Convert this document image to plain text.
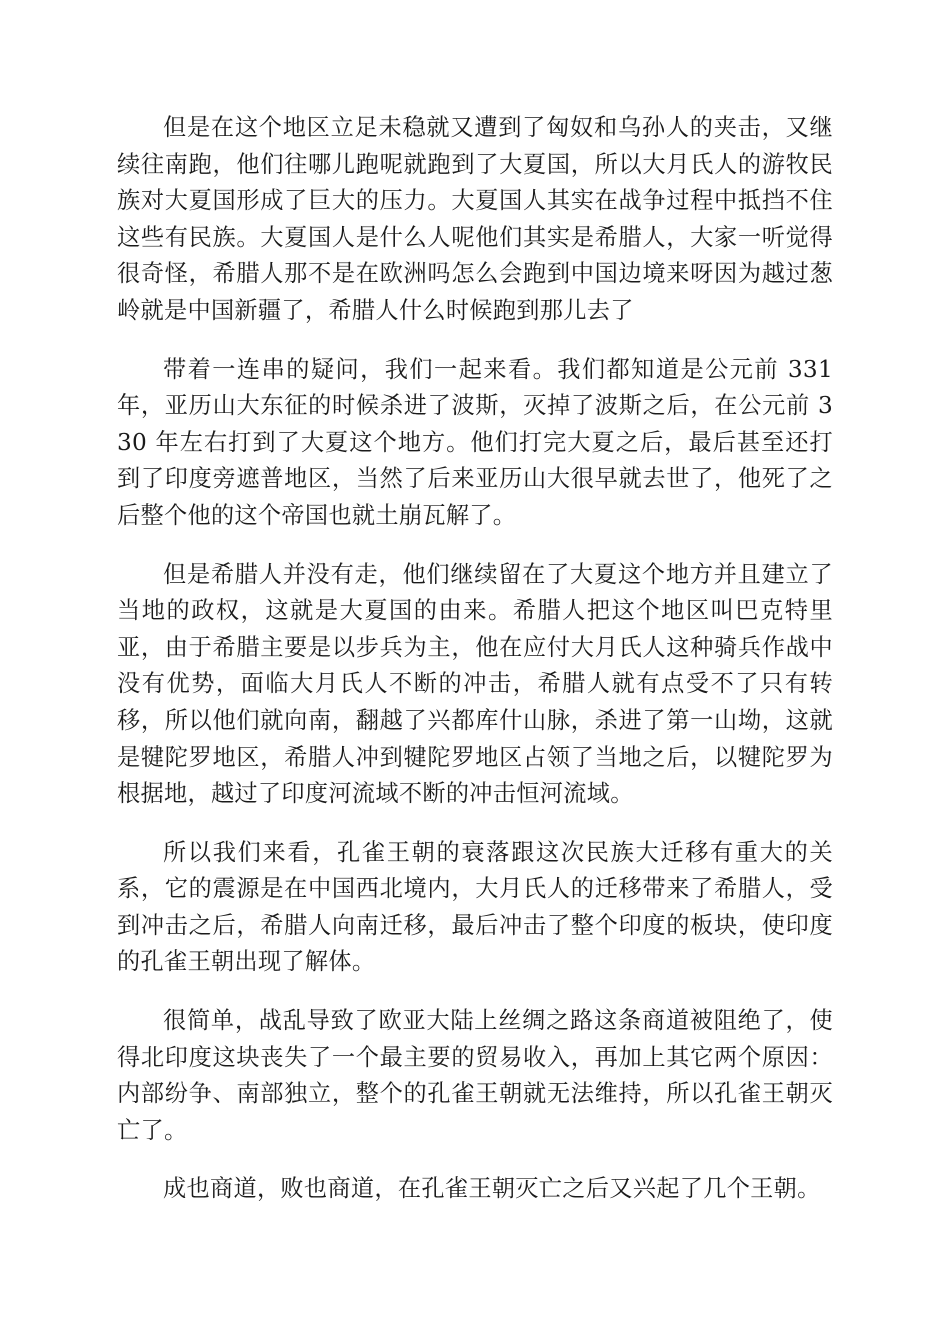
但是在这个地区立足未稳就又遭到了匈奴和乌孙人的夹击，又继续往南跑，他们往哪儿跑呢就跑到了大夏国，所以大月氏人的游牧民族对大夏国形成了巨大的压力。大夏国人其实在战争过程中抵挡不住这些有民族。大夏国人是什么人呢他们其实是希腊人，大家一听觉得很奇怪，希腊人那不是在欧洲吗怎么会跑到中国边境来呀因为越过葱岭就是中国新疆了，希腊人什么时候跑到那儿去了

带着一连串的疑问，我们一起来看。我们都知道是公元前 331 年，亚历山大东征的时候杀进了波斯，灭掉了波斯之后，在公元前 330 年左右打到了大夏这个地方。他们打完大夏之后，最后甚至还打到了印度旁遮普地区，当然了后来亚历山大很早就去世了，他死了之后整个他的这个帝国也就土崩瓦解了。

但是希腊人并没有走，他们继续留在了大夏这个地方并且建立了当地的政权，这就是大夏国的由来。希腊人把这个地区叫巴克特里亚，由于希腊主要是以步兵为主，他在应付大月氏人这种骑兵作战中没有优势，面临大月氏人不断的冲击，希腊人就有点受不了只有转移，所以他们就向南，翻越了兴都库什山脉，杀进了第一山坳，这就是犍陀罗地区，希腊人冲到犍陀罗地区占领了当地之后，以犍陀罗为根据地，越过了印度河流域不断的冲击恒河流域。

所以我们来看，孔雀王朝的衰落跟这次民族大迁移有重大的关系，它的震源是在中国西北境内，大月氏人的迁移带来了希腊人，受到冲击之后，希腊人向南迁移，最后冲击了整个印度的板块，使印度的孔雀王朝出现了解体。

很简单，战乱导致了欧亚大陆上丝绸之路这条商道被阻绝了，使得北印度这块丧失了一个最主要的贸易收入，再加上其它两个原因：内部纷争、南部独立，整个的孔雀王朝就无法维持，所以孔雀王朝灭亡了。

成也商道，败也商道，在孔雀王朝灭亡之后又兴起了几个王朝。
